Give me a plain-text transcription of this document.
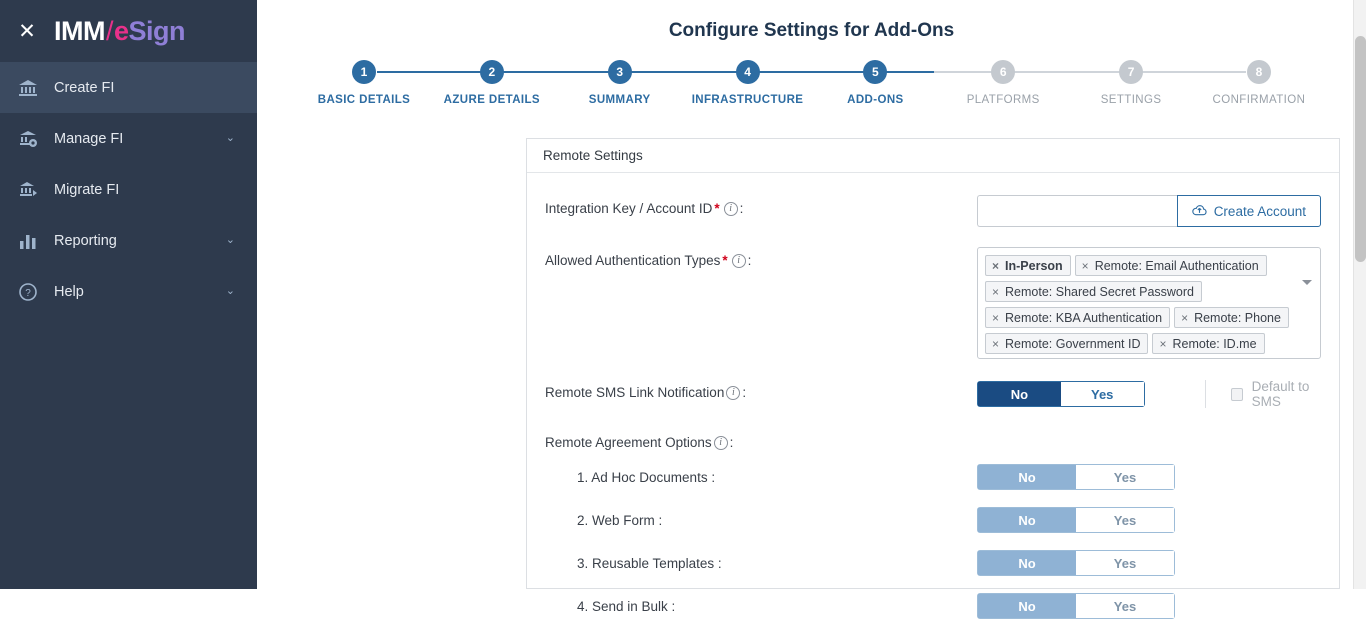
✕ IMM / e Sign
Create FI
Manage FI	⌄
Migrate FI
Reporting	⌄
?	Help	⌄
Configure Settings for Add-Ons
1
BASIC DETAILS
2
AZURE DETAILS
3
SUMMARY
4
INFRASTRUCTURE
5
ADD-ONS
6
PLATFORMS
7
SETTINGS
8
CONFIRMATION
Remote Settings
Integration Key / Account ID * i :	Create Account
Allowed Authentication Types * i :	× In-Person	× Remote: Email Authentication
× Remote: Shared Secret Password
× Remote: KBA Authentication	× Remote: Phone
× Remote: Government ID	× Remote: ID.me
Remote SMS Link Notification i :	No	Yes	Default to SMS
Remote Agreement Options i :
1. Ad Hoc Documents :	No	Yes
2. Web Form :	No	Yes
3. Reusable Templates :	No	Yes
4. Send in Bulk :	No	Yes
